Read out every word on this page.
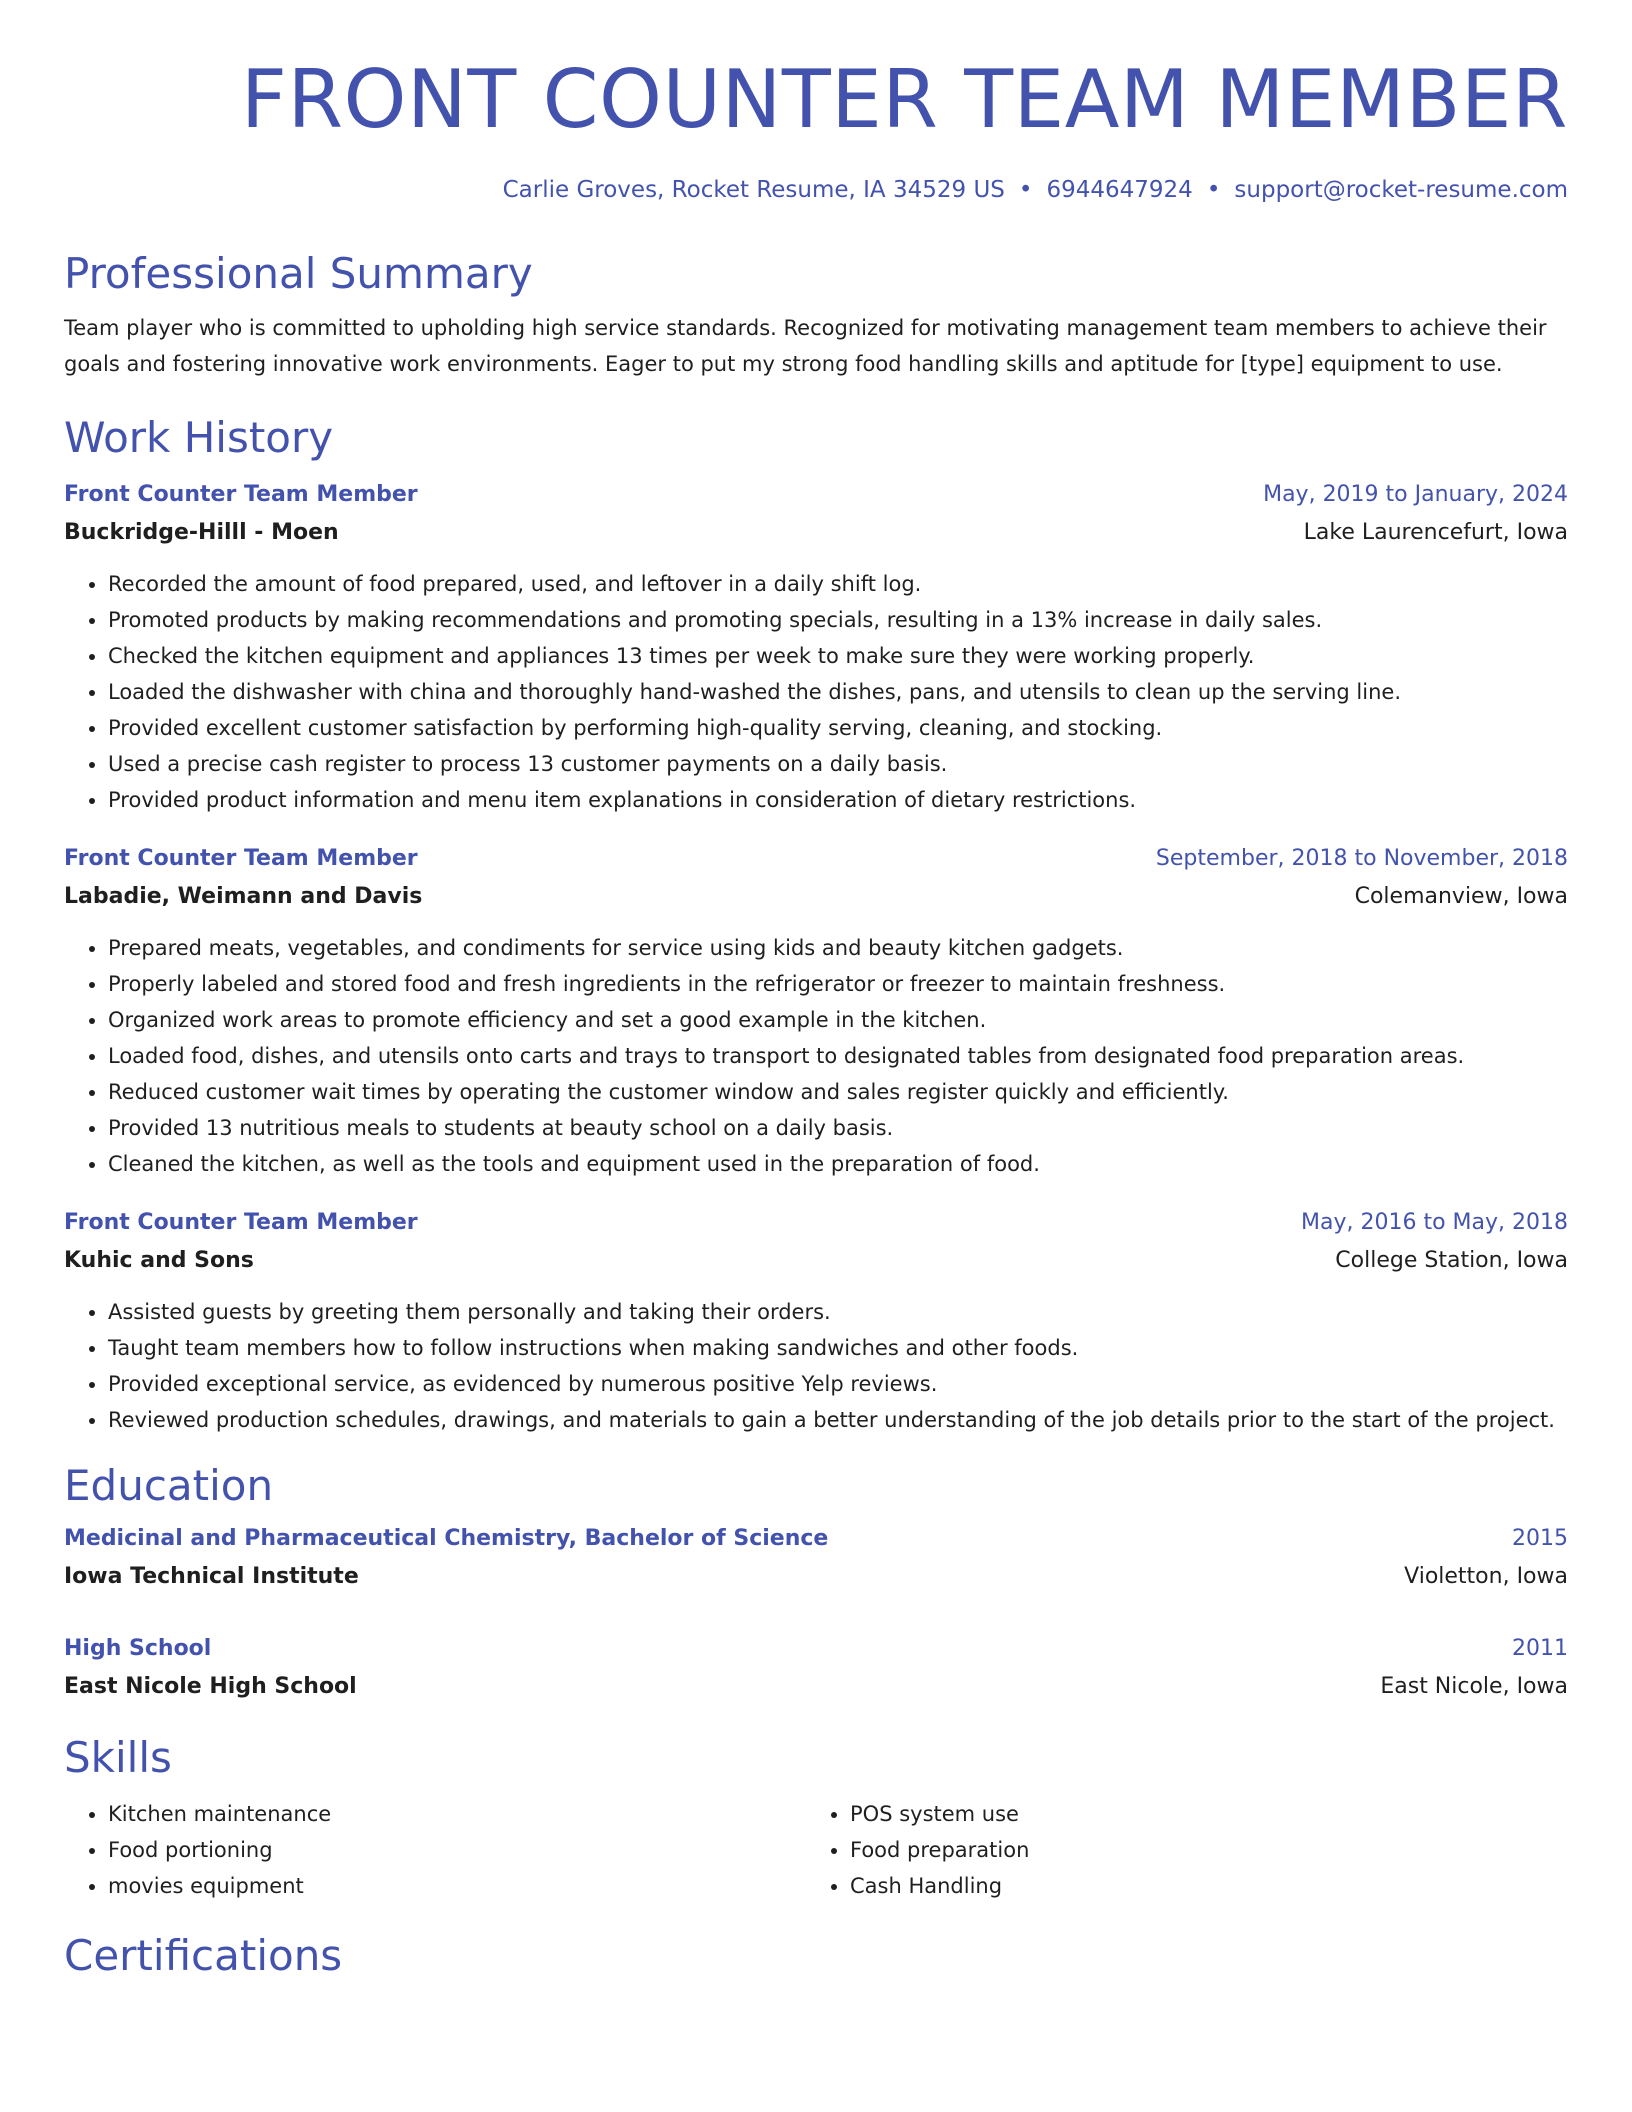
FRONT COUNTER TEAM MEMBER
Carlie Groves, Rocket Resume, IA 34529 US • 6944647924 • support@rocket-resume.com
Professional Summary

Team player who is committed to upholding high service standards. Recognized for motivating management team members to achieve their goals and fostering innovative work environments. Eager to put my strong food handling skills and aptitude for [type] equipment to use.

Work History
Front Counter Team Member	May, 2019 to January, 2024
Buckridge-Hilll - Moen	Lake Laurencefurt, Iowa
• Recorded the amount of food prepared, used, and leftover in a daily shift log.
• Promoted products by making recommendations and promoting specials, resulting in a 13% increase in daily sales.
• Checked the kitchen equipment and appliances 13 times per week to make sure they were working properly.
• Loaded the dishwasher with china and thoroughly hand-washed the dishes, pans, and utensils to clean up the serving line.
• Provided excellent customer satisfaction by performing high-quality serving, cleaning, and stocking.
• Used a precise cash register to process 13 customer payments on a daily basis.
• Provided product information and menu item explanations in consideration of dietary restrictions.
Front Counter Team Member	September, 2018 to November, 2018
Labadie, Weimann and Davis	Colemanview, Iowa
• Prepared meats, vegetables, and condiments for service using kids and beauty kitchen gadgets.
• Properly labeled and stored food and fresh ingredients in the refrigerator or freezer to maintain freshness.
• Organized work areas to promote efficiency and set a good example in the kitchen.
• Loaded food, dishes, and utensils onto carts and trays to transport to designated tables from designated food preparation areas.
• Reduced customer wait times by operating the customer window and sales register quickly and efficiently.
• Provided 13 nutritious meals to students at beauty school on a daily basis.
• Cleaned the kitchen, as well as the tools and equipment used in the preparation of food.
Front Counter Team Member	May, 2016 to May, 2018
Kuhic and Sons	College Station, Iowa
• Assisted guests by greeting them personally and taking their orders.
• Taught team members how to follow instructions when making sandwiches and other foods.
• Provided exceptional service, as evidenced by numerous positive Yelp reviews.
• Reviewed production schedules, drawings, and materials to gain a better understanding of the job details prior to the start of the project.
Education
Medicinal and Pharmaceutical Chemistry, Bachelor of Science	2015
Iowa Technical Institute	Violetton, Iowa
High School	2011
East Nicole High School	East Nicole, Iowa
Skills
• Kitchen maintenance
• Food portioning
• movies equipment
• POS system use
• Food preparation
• Cash Handling
Certifications
